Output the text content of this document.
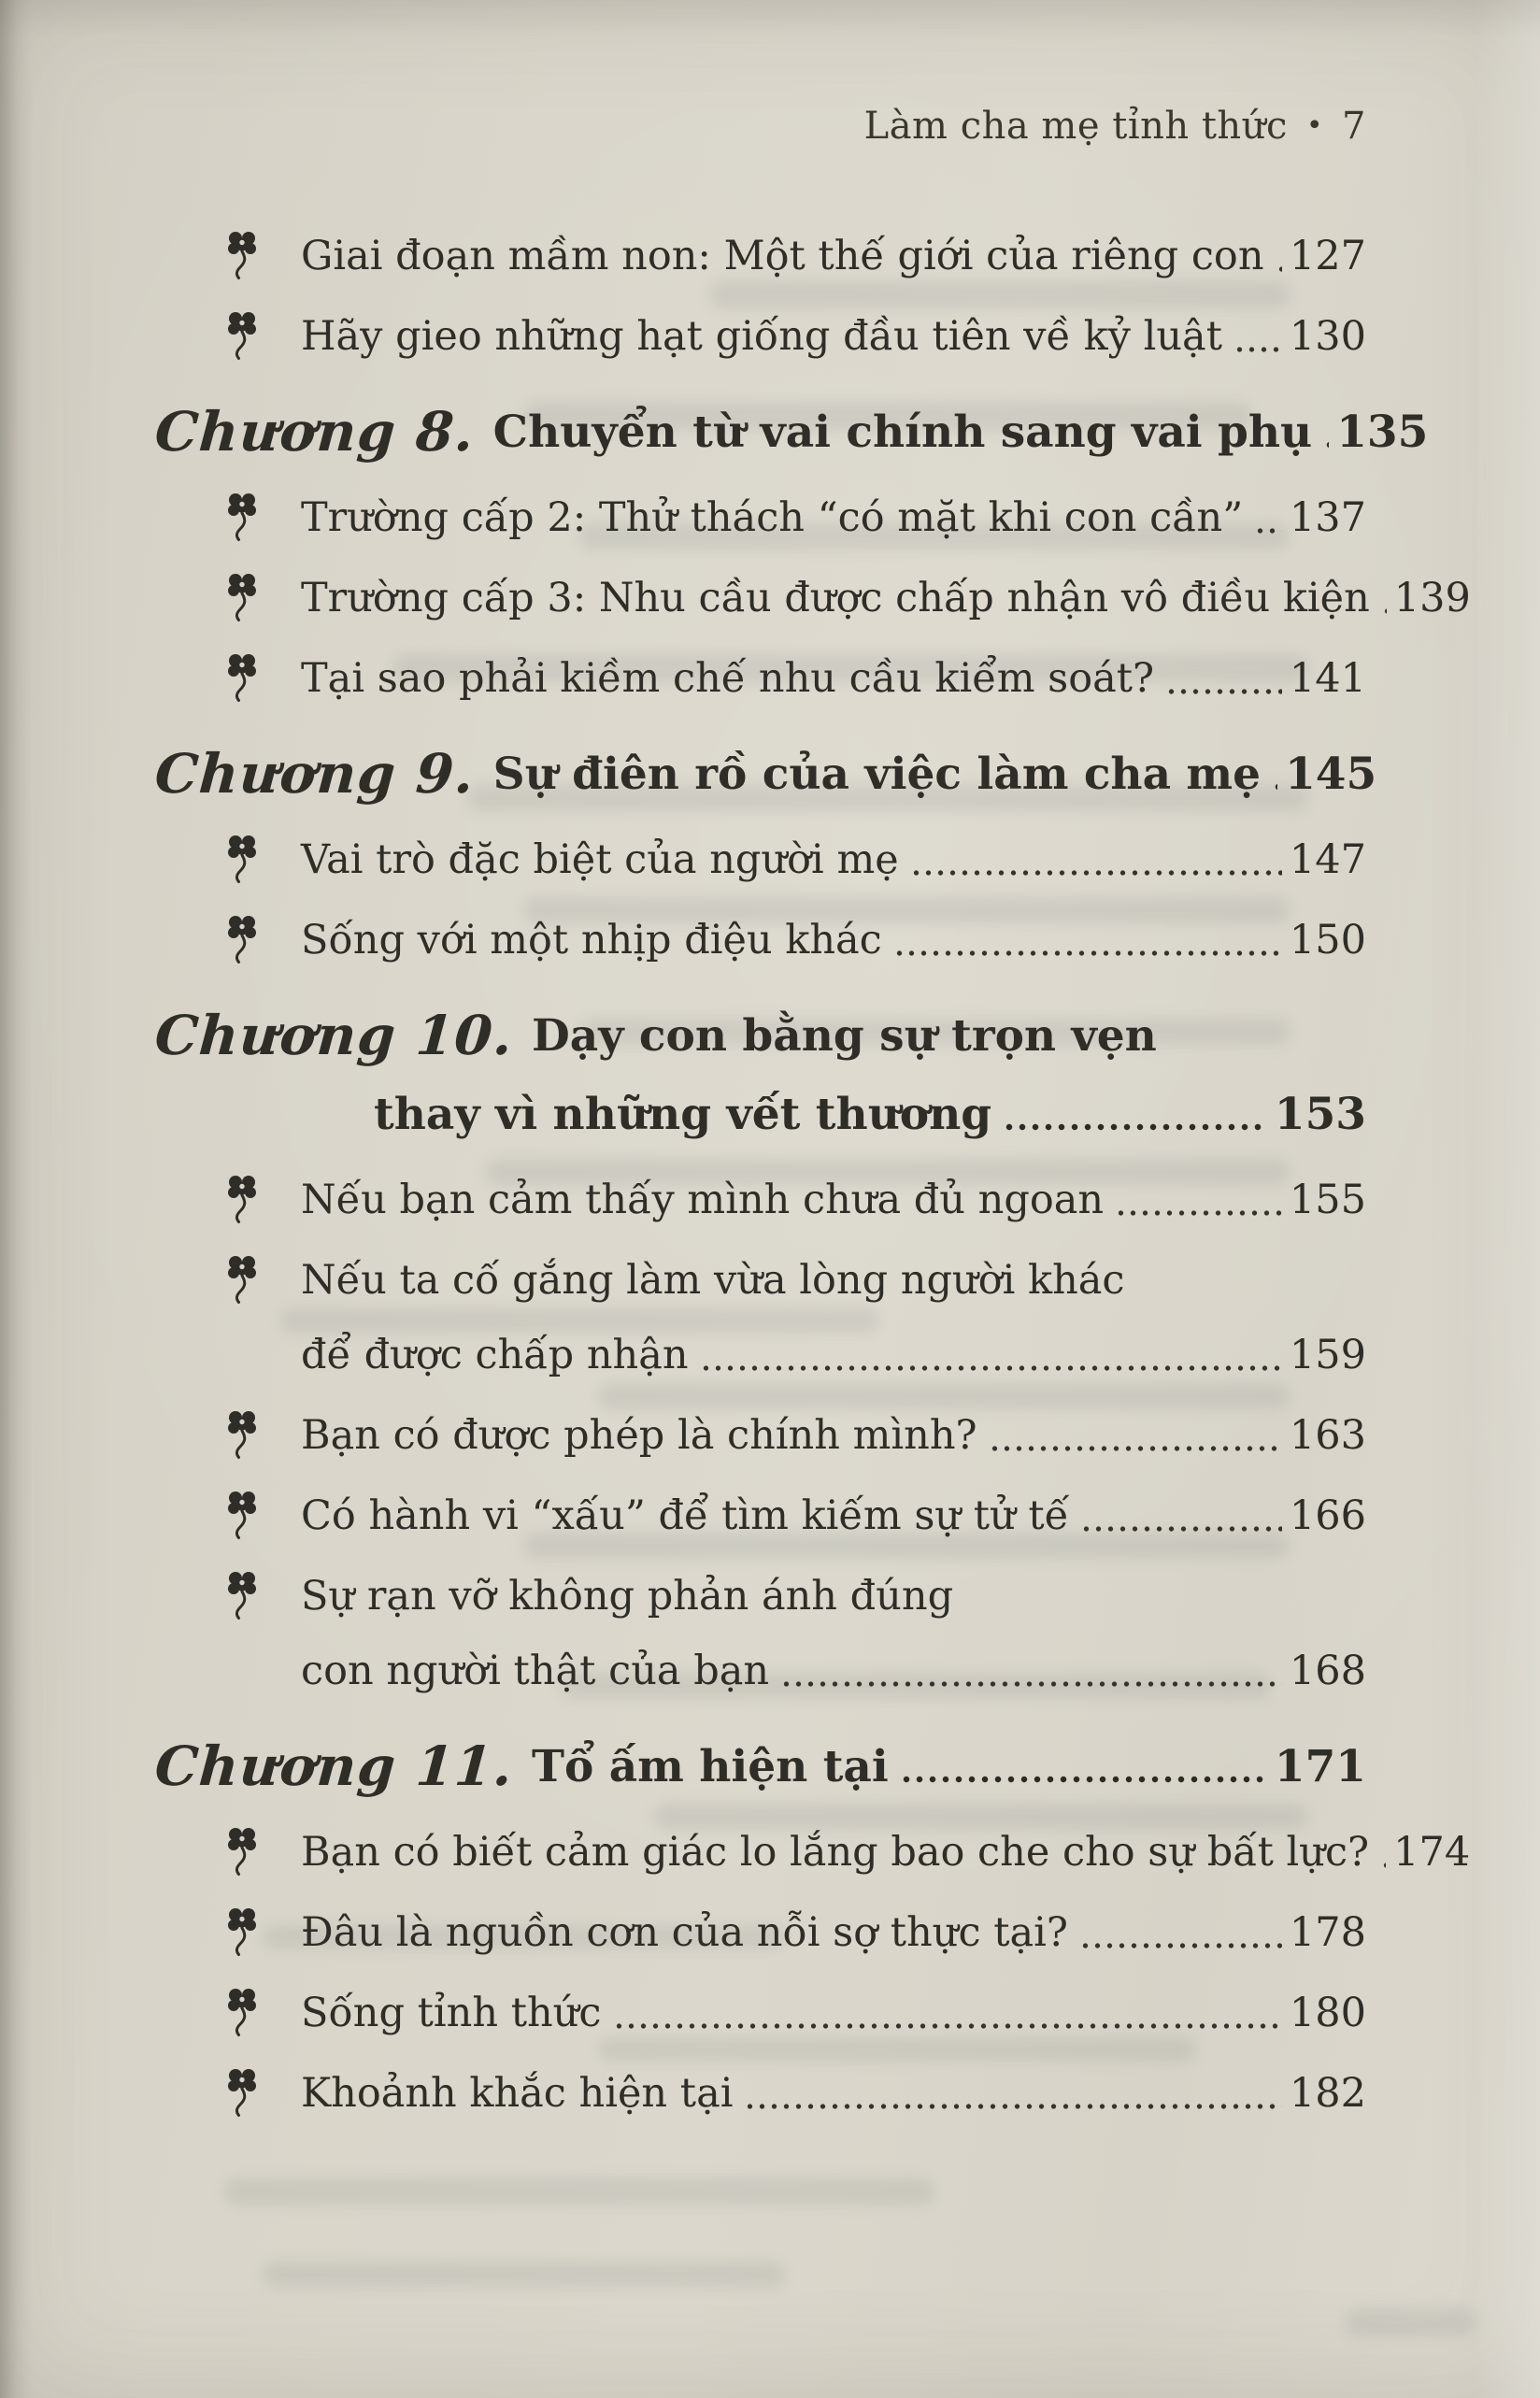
Làm cha mẹ tỉnh thức • 7
Giai đoạn mầm non: Một thế giới của riêng con 127
Hãy gieo những hạt giống đầu tiên về kỷ luật 130
Chương 8. Chuyển từ vai chính sang vai phụ 135
Trường cấp 2: Thử thách “có mặt khi con cần” 137
Trường cấp 3: Nhu cầu được chấp nhận vô điều kiện 139
Tại sao phải kiềm chế nhu cầu kiểm soát?	141
Chương 9. Sự điên rồ của việc làm cha mẹ 145
Vai trò đặc biệt của người mẹ	147
Sống với một nhịp điệu khác	150
Chương 10. Dạy con bằng sự trọn vẹn
thay vì những vết thương	153
Nếu bạn cảm thấy mình chưa đủ ngoan	155
Nếu ta cố gắng làm vừa lòng người khác
để được chấp nhận	159
Bạn có được phép là chính mình?	163
Có hành vi “xấu” để tìm kiếm sự tử tế	166
Sự rạn vỡ không phản ánh đúng
con người thật của bạn	168
Chương 11. Tổ ấm hiện tại	171
Bạn có biết cảm giác lo lắng bao che cho sự bất lực? 174
Đâu là nguồn cơn của nỗi sợ thực tại?	178
Sống tỉnh thức	180
Khoảnh khắc hiện tại	182
